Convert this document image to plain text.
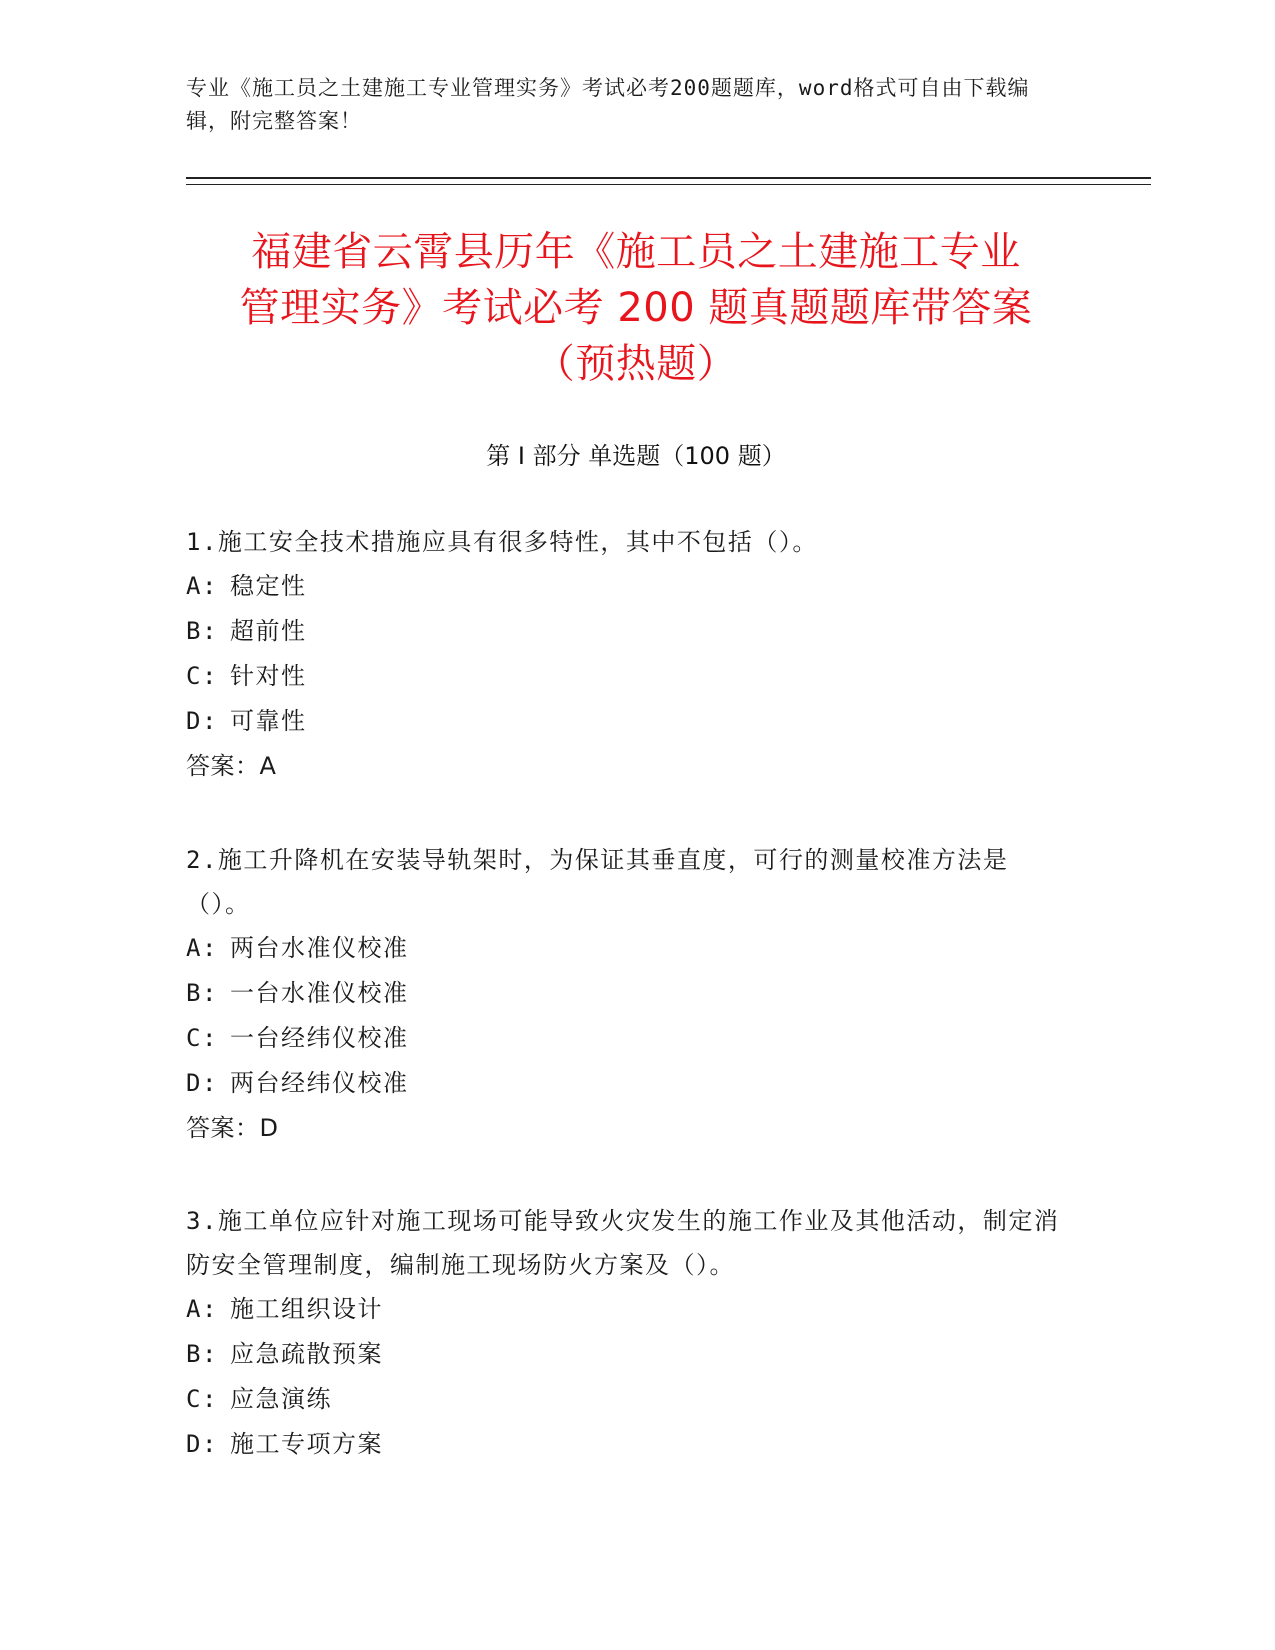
专业《施工员之土建施工专业管理实务》考试必考200题题库，word格式可自由下载编辑，附完整答案！
福建省云霄县历年《施工员之土建施工专业
管理实务》考试必考 200 题真题题库带答案
（预热题）
第 I 部分 单选题（100 题）
1.施工安全技术措施应具有很多特性，其中不包括（）。
A: 稳定性
B: 超前性
C: 针对性
D: 可靠性
答案：A
2.施工升降机在安装导轨架时，为保证其垂直度，可行的测量校准方法是（）。
A: 两台水准仪校准
B: 一台水准仪校准
C: 一台经纬仪校准
D: 两台经纬仪校准
答案：D
3.施工单位应针对施工现场可能导致火灾发生的施工作业及其他活动，制定消防安全管理制度，编制施工现场防火方案及（）。
A: 施工组织设计
B: 应急疏散预案
C: 应急演练
D: 施工专项方案
